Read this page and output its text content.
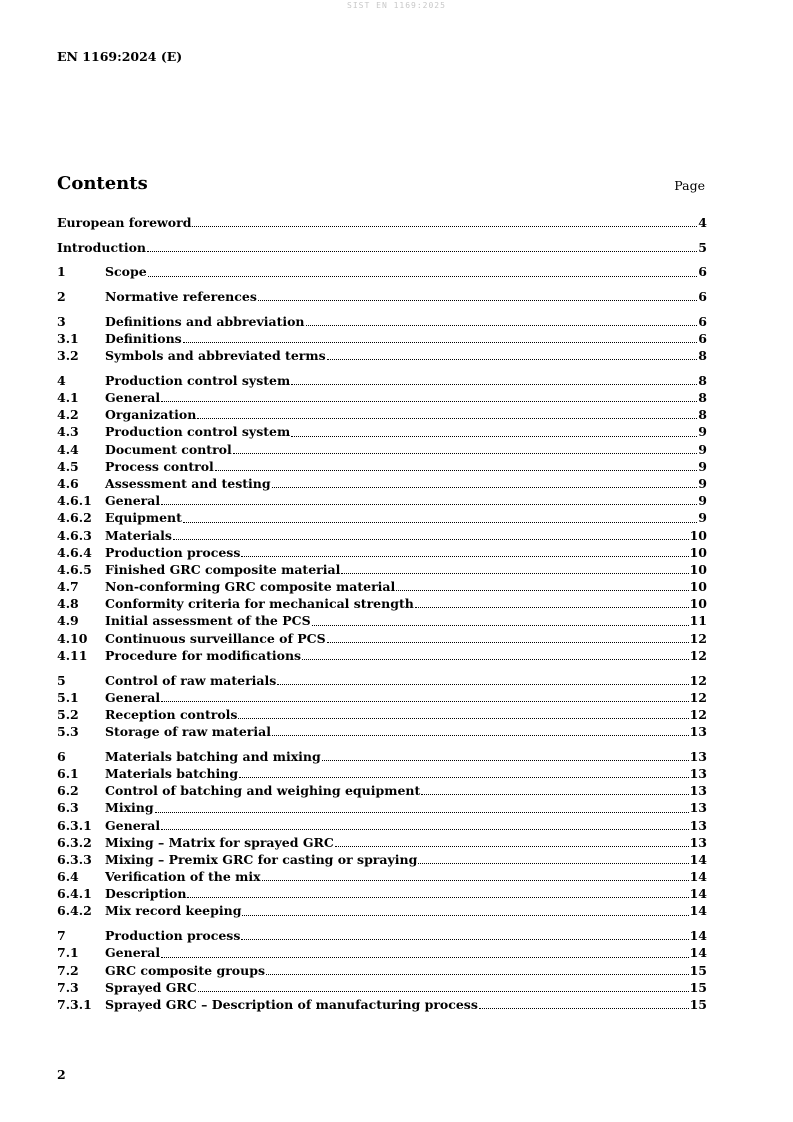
SIST EN 1169:2025
EN 1169:2024 (E)
Contents	Page
European foreword	4
Introduction	5
1	Scope	6
2	Normative references	6
3	Definitions and abbreviation	6
3.1	Definitions	6
3.2	Symbols and abbreviated terms	8
4	Production control system	8
4.1	General	8
4.2	Organization	8
4.3	Production control system	9
4.4	Document control	9
4.5	Process control	9
4.6	Assessment and testing	9
4.6.1	General	9
4.6.2	Equipment	9
4.6.3	Materials	10
4.6.4	Production process	10
4.6.5	Finished GRC composite material	10
4.7	Non-conforming GRC composite material	10
4.8	Conformity criteria for mechanical strength	10
4.9	Initial assessment of the PCS	11
4.10	Continuous surveillance of PCS	12
4.11	Procedure for modifications	12
5	Control of raw materials	12
5.1	General	12
5.2	Reception controls	12
5.3	Storage of raw material	13
6	Materials batching and mixing	13
6.1	Materials batching	13
6.2	Control of batching and weighing equipment	13
6.3	Mixing	13
6.3.1	General	13
6.3.2	Mixing – Matrix for sprayed GRC	13
6.3.3	Mixing – Premix GRC for casting or spraying	14
6.4	Verification of the mix	14
6.4.1	Description	14
6.4.2	Mix record keeping	14
7	Production process	14
7.1	General	14
7.2	GRC composite groups	15
7.3	Sprayed GRC	15
7.3.1	Sprayed GRC – Description of manufacturing process	15
2
